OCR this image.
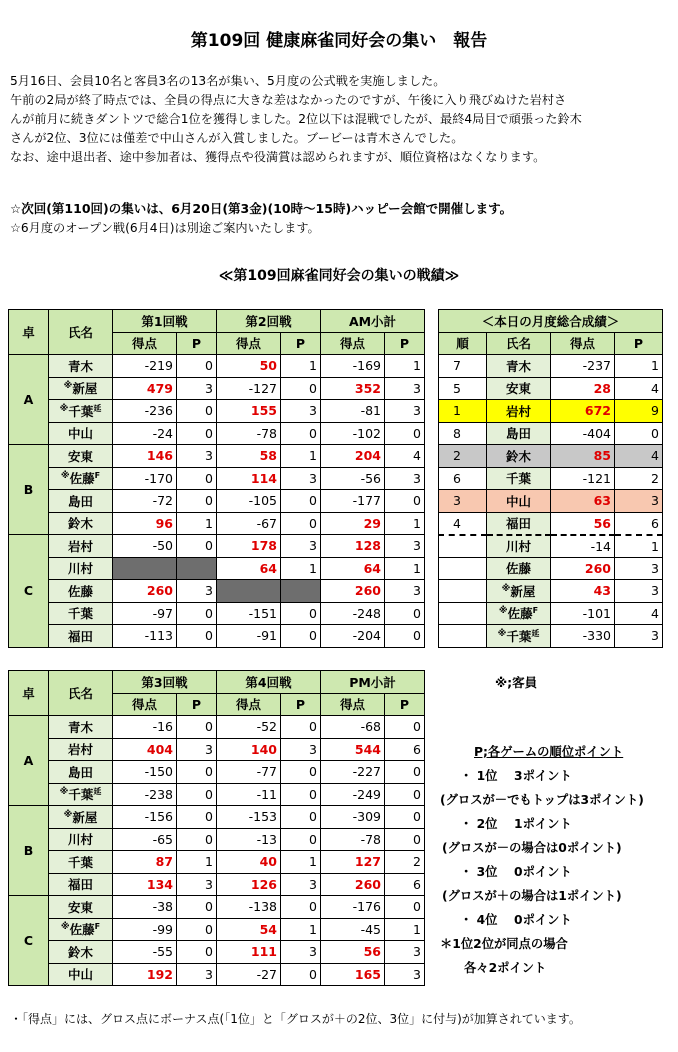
第109回 健康麻雀同好会の集い　報告

5月16日、会員10名と客員3名の13名が集い、5月度の公式戦を実施しました。

午前の2局が終了時点では、全員の得点に大きな差はなかったのですが、午後に入り飛びぬけた岩村さ

んが前月に続きダントツで総合1位を獲得しました。2位以下は混戦でしたが、最終4局目で頑張った鈴木

さんが2位、3位には僅差で中山さんが入賞しました。ブービーは青木さんでした。

なお、途中退出者、途中参加者は、獲得点や役満賞は認められますが、順位資格はなくなります。

☆次回(第110回)の集いは、6月20日(第3金)(10時～15時)ハッピー会館で開催します。
☆6月度のオープン戦(6月4日)は別途ご案内いたします。
≪第109回麻雀同好会の集いの戦績≫
卓	氏名	第1回戦		第2回戦		AM小計	
		得点	P	得点	P	得点	P
A	青木	-219	0	50	1	-169	1
	※新屋	479	3	-127	0	352	3
	※千葉$^延$	-236	0	155	3	-81	3
	中山	-24	0	-78	0	-102	0
B	安東	146	3	58	1	204	4
	※佐藤$^F$	-170	0	114	3	-56	3
	島田	-72	0	-105	0	-177	0
	鈴木	96	1	-67	0	29	1
C	岩村	-50	0	178	3	128	3
	川村			64	1	64	1
	佐藤	260	3			260	3
	千葉	-97	0	-151	0	-248	0
	福田	-113	0	-91	0	-204	0
卓	氏名	第3回戦		第4回戦		PM小計	
		得点	P	得点	P	得点	P
A	青木	-16	0	-52	0	-68	0
	岩村	404	3	140	3	544	6
	島田	-150	0	-77	0	-227	0
	※千葉$^延$	-238	0	-11	0	-249	0
B	※新屋	-156	0	-153	0	-309	0
	川村	-65	0	-13	0	-78	0
	千葉	87	1	40	1	127	2
	福田	134	3	126	3	260	6
C	安東	-38	0	-138	0	-176	0
	※佐藤$^F$	-99	0	54	1	-45	1
	鈴木	-55	0	111	3	56	3
	中山	192	3	-27	0	165	3
＜本日の月度総合成績＞			
順	氏名	得点	P
7	青木	-237	1
5	安東	28	4
1	岩村	672	9
8	島田	-404	0
2	鈴木	85	4
6	千葉	-121	2
3	中山	63	3
4	福田	56	6
	川村	-14	1
	佐藤	260	3
	※新屋	43	3
	※佐藤$^F$	-101	4
	※千葉$^延$	-330	3
※;客員
P;各ゲームの順位ポイント
・ 1位　 3ポイント
(グロスが－でもトップは3ポイント)
・ 2位　 1ポイント
(グロスが－の場合は0ポイント)
・ 3位　 0ポイント
(グロスが＋の場合は1ポイント)
・ 4位　 0ポイント
＊1位2位が同点の場合
各々2ポイント
・「得点」には、グロス点にボーナス点(「1位」と「グロスが＋の2位、3位」に付与)が加算されています。
